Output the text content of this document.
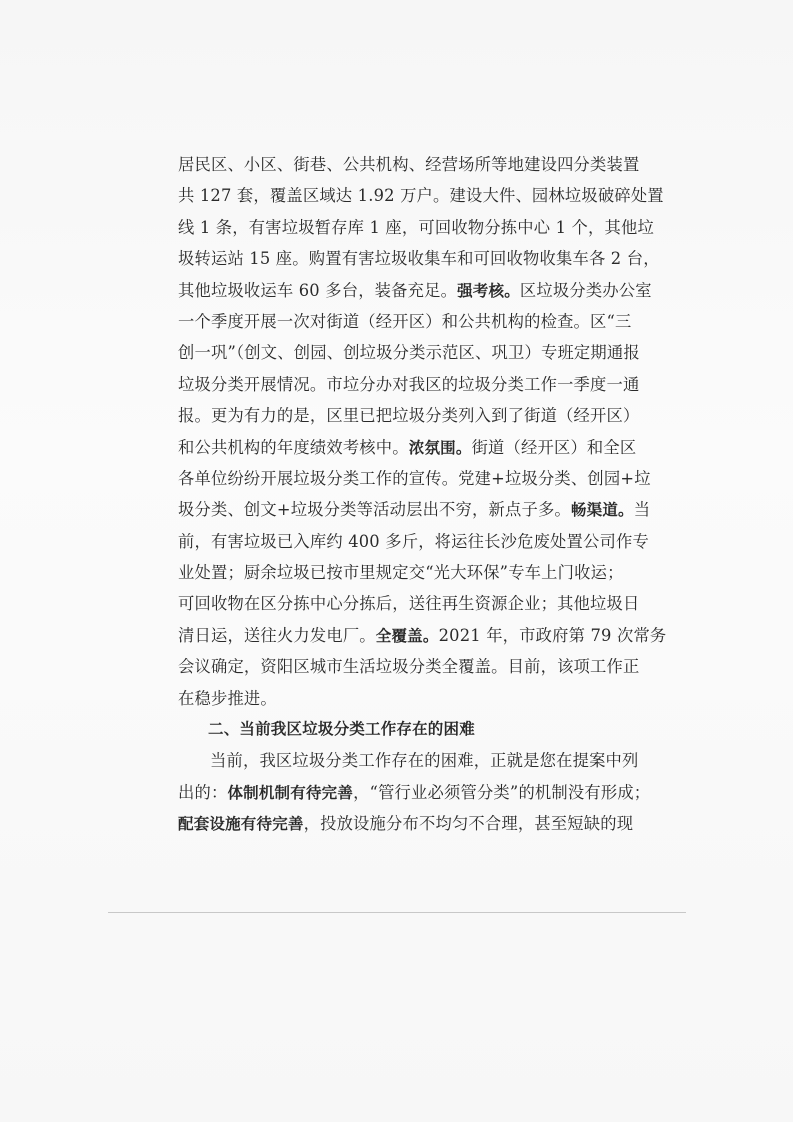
居民区、小区、街巷、公共机构、经营场所等地建设四分类装置
共 127 套，覆盖区域达 1.92 万户。建设大件、园林垃圾破碎处置
线 1 条，有害垃圾暂存库 1 座，可回收物分拣中心 1 个，其他垃
圾转运站 15 座。购置有害垃圾收集车和可回收物收集车各 2 台，
其他垃圾收运车 60 多台，装备充足。强考核。区垃圾分类办公室
一个季度开展一次对街道（经开区）和公共机构的检查。区“三
创一巩”（创文、创园、创垃圾分类示范区、巩卫）专班定期通报
垃圾分类开展情况。市垃分办对我区的垃圾分类工作一季度一通
报。更为有力的是，区里已把垃圾分类列入到了街道（经开区）
和公共机构的年度绩效考核中。浓氛围。街道（经开区）和全区
各单位纷纷开展垃圾分类工作的宣传。党建+垃圾分类、创园+垃
圾分类、创文+垃圾分类等活动层出不穷，新点子多。畅渠道。当
前，有害垃圾已入库约 400 多斤，将运往长沙危废处置公司作专
业处置；厨余垃圾已按市里规定交“光大环保”专车上门收运；
可回收物在区分拣中心分拣后，送往再生资源企业；其他垃圾日
清日运，送往火力发电厂。全覆盖。2021 年，市政府第 79 次常务
会议确定，资阳区城市生活垃圾分类全覆盖。目前，该项工作正
在稳步推进。
二、当前我区垃圾分类工作存在的困难
当前，我区垃圾分类工作存在的困难，正就是您在提案中列
出的：体制机制有待完善，“管行业必须管分类”的机制没有形成；
配套设施有待完善，投放设施分布不均匀不合理，甚至短缺的现
